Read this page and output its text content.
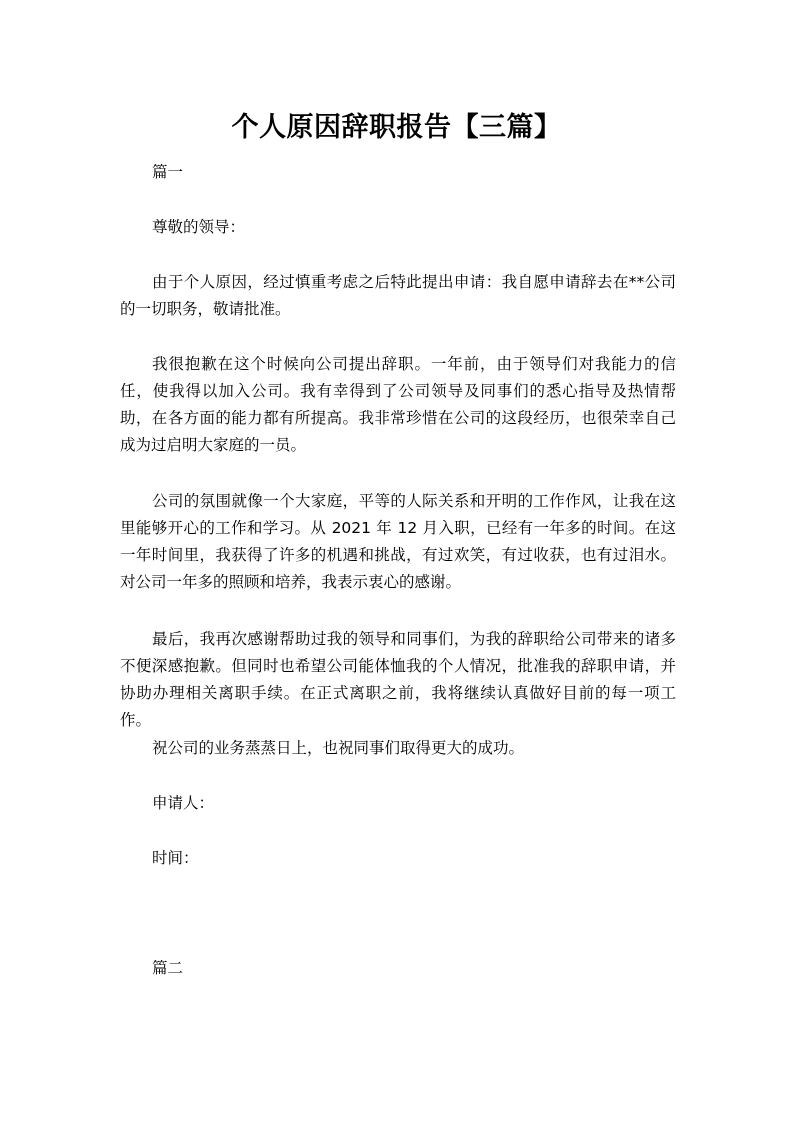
个人原因辞职报告【三篇】
篇一
尊敬的领导：
由于个人原因，经过慎重考虑之后特此提出申请：我自愿申请辞去在**公司的一切职务，敬请批准。
我很抱歉在这个时候向公司提出辞职。一年前，由于领导们对我能力的信任，使我得以加入公司。我有幸得到了公司领导及同事们的悉心指导及热情帮助，在各方面的能力都有所提高。我非常珍惜在公司的这段经历，也很荣幸自己成为过启明大家庭的一员。
公司的氛围就像一个大家庭，平等的人际关系和开明的工作作风，让我在这里能够开心的工作和学习。从 2021 年 12 月入职，已经有一年多的时间。在这一年时间里，我获得了许多的机遇和挑战，有过欢笑，有过收获，也有过泪水。对公司一年多的照顾和培养，我表示衷心的感谢。
最后，我再次感谢帮助过我的领导和同事们，为我的辞职给公司带来的诸多不便深感抱歉。但同时也希望公司能体恤我的个人情况，批准我的辞职申请，并协助办理相关离职手续。在正式离职之前，我将继续认真做好目前的每一项工作。
祝公司的业务蒸蒸日上，也祝同事们取得更大的成功。
申请人：
时间：
篇二
